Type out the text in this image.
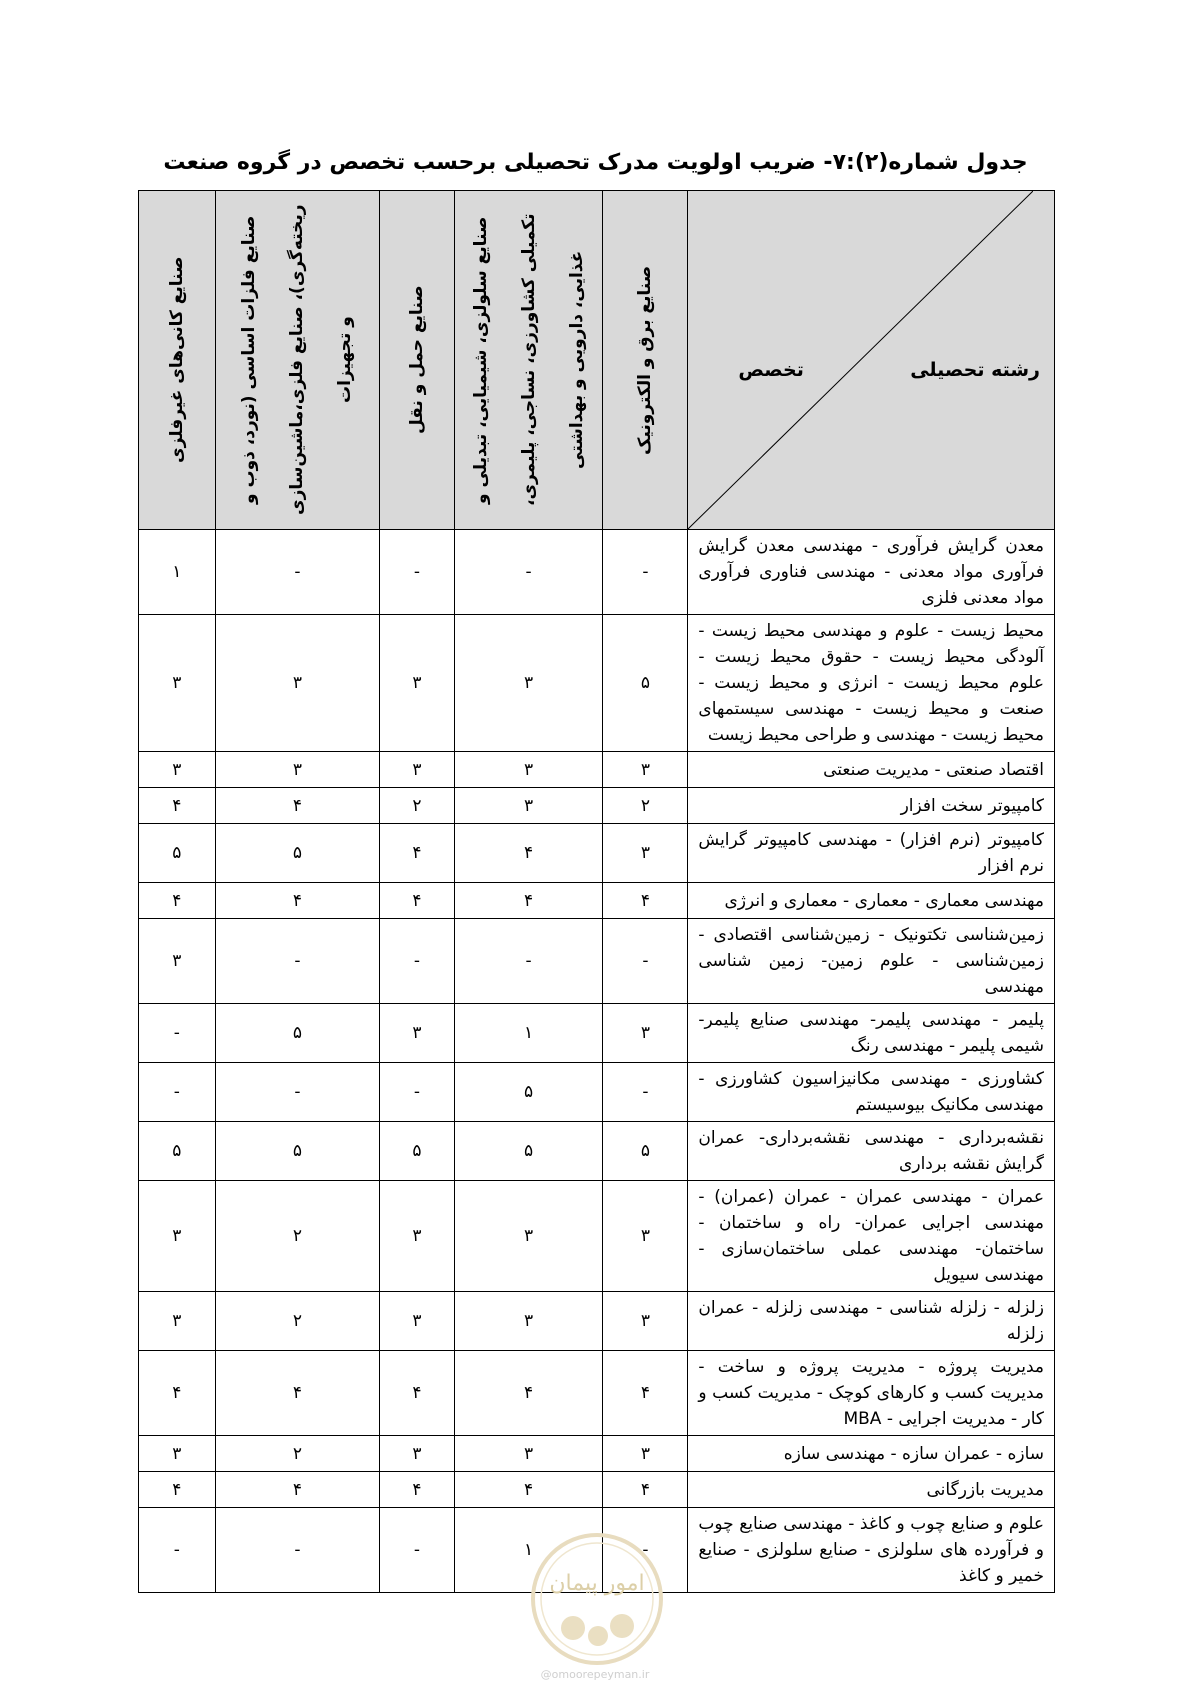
جدول شماره(۲):۷- ضریب اولویت مدرک تحصیلی برحسب تخصص در گروه صنعت
رشته تحصیلی
تخصص	صنایع برق و الکترونیک	صنایع سلولزی، شیمیایی، تبدیلی و تکمیلی کشاورزی، نساجی، پلیمری، غذایی، دارویی و بهداشتی	صنایع حمل و نقل	صنایع فلزات اساسی (نورد، ذوب و ریخته‌گری)، صنایع فلزی،ماشین‌سازی و تجهیزات	صنایع کانی‌های غیرفلزی

معدن گرایش فرآوری - مهندسی معدن گرایش فرآوری مواد معدنی - مهندسی فناوری فرآوری مواد معدنی فلزی	-	-	-	-	۱
محیط زیست - علوم و مهندسی محیط زیست - آلودگی محیط زیست - حقوق محیط زیست - علوم محیط زیست - انرژی و محیط زیست - صنعت و محیط زیست - مهندسی سیستمهای محیط زیست - مهندسی و طراحی محیط زیست	۵	۳	۳	۳	۳
اقتصاد صنعتی - مدیریت صنعتی	۳	۳	۳	۳	۳
کامپیوتر سخت افزار	۲	۳	۲	۴	۴
کامپیوتر (نرم افزار) - مهندسی کامپیوتر گرایش نرم افزار	۳	۴	۴	۵	۵
مهندسی معماری - معماری - معماری و انرژی	۴	۴	۴	۴	۴
زمین‌شناسی تکتونیک - زمین‌شناسی اقتصادی - زمین‌شناسی - علوم زمین- زمین شناسی مهندسی	-	-	-	-	۳
پلیمر - مهندسی پلیمر- مهندسی صنایع پلیمر- شیمی پلیمر - مهندسی رنگ	۳	۱	۳	۵	-
کشاورزی - مهندسی مکانیزاسیون کشاورزی - مهندسی مکانیک بیوسیستم	-	۵	-	-	-
نقشه‌برداری - مهندسی نقشه‌برداری- عمران گرایش نقشه برداری	۵	۵	۵	۵	۵
عمران - مهندسی عمران - عمران (عمران) - مهندسی اجرایی عمران- راه و ساختمان - ساختمان- مهندسی عملی ساختمان‌سازی - مهندسی سیویل	۳	۳	۳	۲	۳
زلزله - زلزله شناسی - مهندسی زلزله - عمران زلزله	۳	۳	۳	۲	۳
مدیریت پروژه - مدیریت پروژه و ساخت - مدیریت کسب و کارهای کوچک - مدیریت کسب و کار - مدیریت اجرایی - MBA	۴	۴	۴	۴	۴
سازه - عمران سازه - مهندسی سازه	۳	۳	۳	۲	۳
مدیریت بازرگانی	۴	۴	۴	۴	۴
علوم و صنایع چوب و کاغذ - مهندسی صنایع چوب و فرآورده های سلولزی - صنایع سلولزی - صنایع خمیر و کاغذ	-	۱	-	-	-
امور پیمان
@omoorepeyman.ir
